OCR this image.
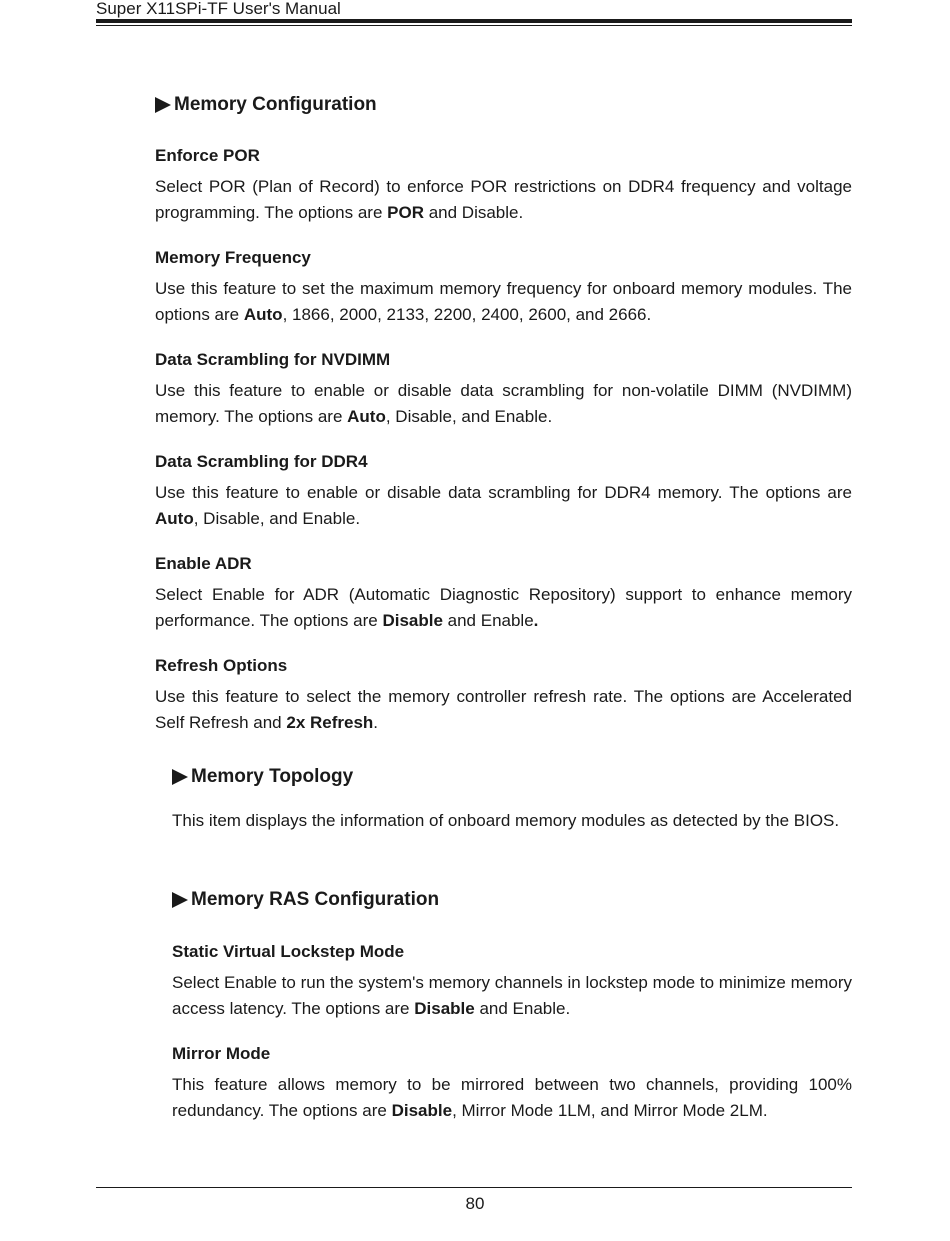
Super X11SPi-TF User's Manual
Memory Configuration
Enforce POR
Select POR (Plan of Record) to enforce POR restrictions on DDR4 frequency and voltage programming. The options are POR and Disable.
Memory Frequency
Use this feature to set the maximum memory frequency for onboard memory modules. The options are Auto, 1866, 2000, 2133, 2200, 2400, 2600, and 2666.
Data Scrambling for NVDIMM
Use this feature to enable or disable data scrambling for non-volatile DIMM (NVDIMM) memory. The options are Auto, Disable, and Enable.
Data Scrambling for DDR4
Use this feature to enable or disable data scrambling for DDR4 memory. The options are Auto, Disable, and Enable.
Enable ADR
Select Enable for ADR (Automatic Diagnostic Repository) support to enhance memory performance. The options are Disable and Enable.
Refresh Options
Use this feature to select the memory controller refresh rate. The options are Accelerated Self Refresh and 2x Refresh.
Memory Topology
This item displays the information of onboard memory modules as detected by the BIOS.
Memory RAS Configuration
Static Virtual Lockstep Mode
Select Enable to run the system's memory channels in lockstep mode to minimize memory access latency. The options are Disable and Enable.
Mirror Mode
This feature allows memory to be mirrored between two channels, providing 100% redundancy. The options are Disable, Mirror Mode 1LM, and Mirror Mode 2LM.
80
